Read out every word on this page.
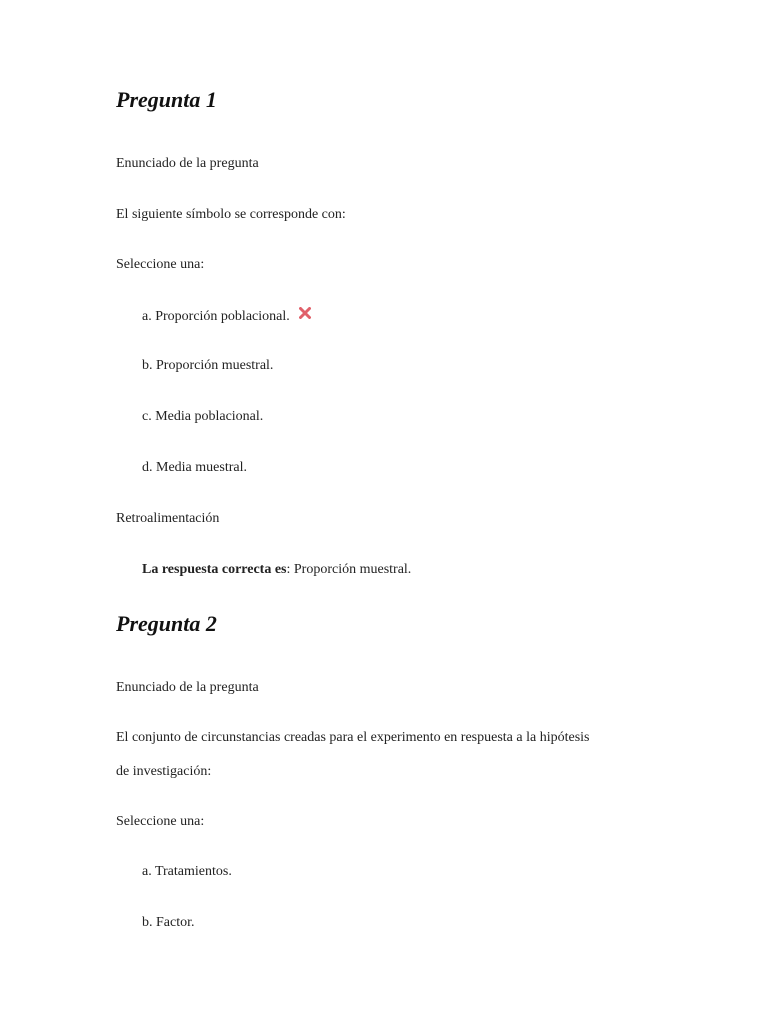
Pregunta 1
Enunciado de la pregunta
El siguiente símbolo se corresponde con:
Seleccione una:
a. Proporción poblacional.
b. Proporción muestral.
c. Media poblacional.
d. Media muestral.
Retroalimentación
La respuesta correcta es: Proporción muestral.
Pregunta 2
Enunciado de la pregunta
El conjunto de circunstancias creadas para el experimento en respuesta a la hipótesis
de investigación:
Seleccione una:
a. Tratamientos.
b. Factor.
